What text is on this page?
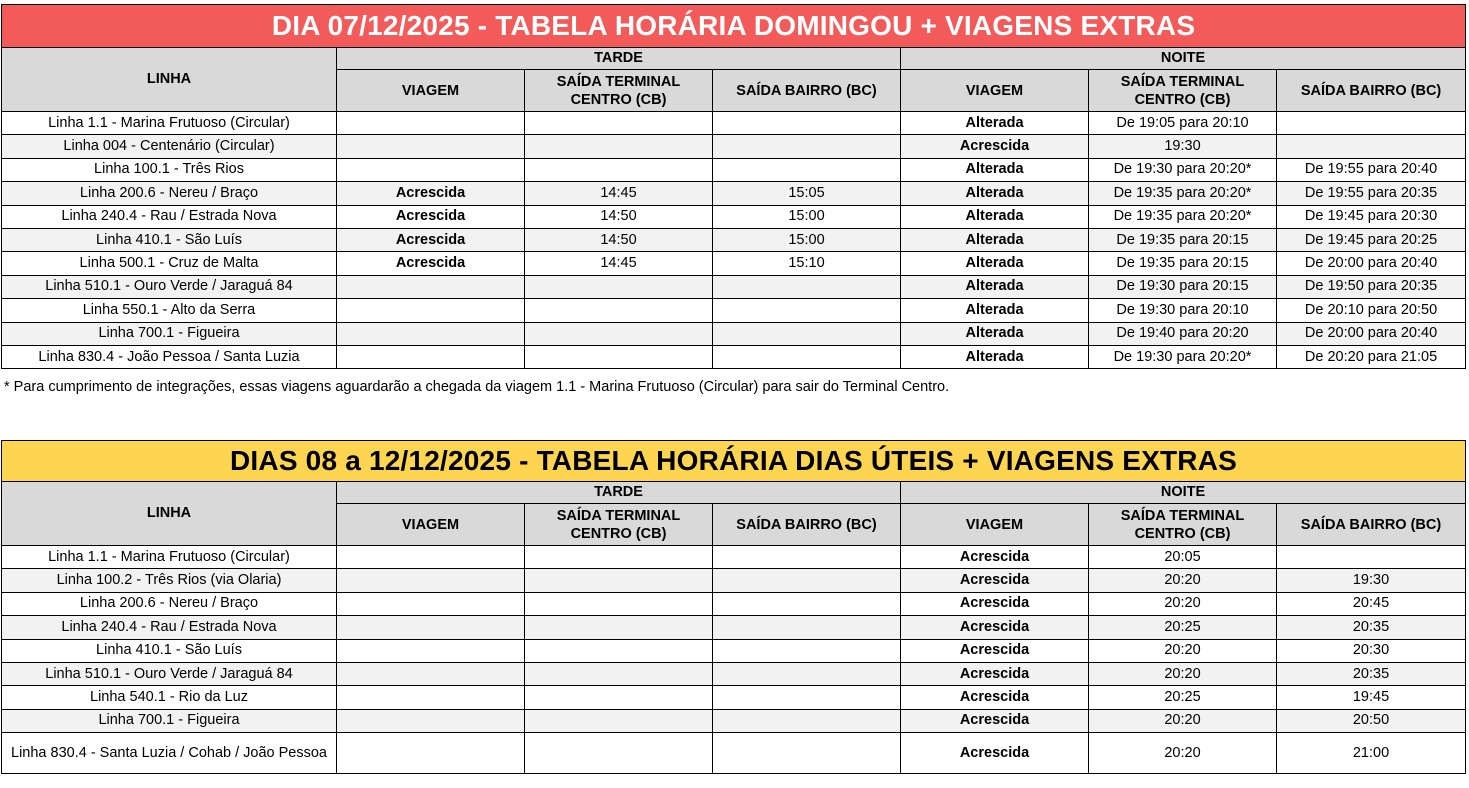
DIA 07/12/2025 - TABELA HORÁRIA DOMINGOU + VIAGENS EXTRAS						
LINHA	TARDE			NOITE		
	VIAGEM	SAÍDA TERMINAL CENTRO (CB)	SAÍDA BAIRRO (BC)	VIAGEM	SAÍDA TERMINAL CENTRO (CB)	SAÍDA BAIRRO (BC)
Linha 1.1 - Marina Frutuoso (Circular)				Alterada	De 19:05 para 20:10	
Linha 004 - Centenário (Circular)				Acrescida	19:30	
Linha 100.1 - Três Rios				Alterada	De 19:30 para 20:20*	De 19:55 para 20:40
Linha 200.6 - Nereu / Braço	Acrescida	14:45	15:05	Alterada	De 19:35 para 20:20*	De 19:55 para 20:35
Linha 240.4 - Rau / Estrada Nova	Acrescida	14:50	15:00	Alterada	De 19:35 para 20:20*	De 19:45 para 20:30
Linha 410.1 - São Luís	Acrescida	14:50	15:00	Alterada	De 19:35 para 20:15	De 19:45 para 20:25
Linha 500.1 - Cruz de Malta	Acrescida	14:45	15:10	Alterada	De 19:35 para 20:15	De 20:00 para 20:40
Linha 510.1 - Ouro Verde / Jaraguá 84				Alterada	De 19:30 para 20:15	De 19:50 para 20:35
Linha 550.1 - Alto da Serra				Alterada	De 19:30 para 20:10	De 20:10 para 20:50
Linha 700.1 - Figueira				Alterada	De 19:40 para 20:20	De 20:00 para 20:40
Linha 830.4 - João Pessoa / Santa Luzia				Alterada	De 19:30 para 20:20*	De 20:20 para 21:05
* Para cumprimento de integrações, essas viagens aguardarão a chegada da viagem 1.1 - Marina Frutuoso (Circular) para sair do Terminal Centro.
DIAS 08 a 12/12/2025 - TABELA HORÁRIA DIAS ÚTEIS + VIAGENS EXTRAS						
LINHA	TARDE			NOITE		
	VIAGEM	SAÍDA TERMINAL CENTRO (CB)	SAÍDA BAIRRO (BC)	VIAGEM	SAÍDA TERMINAL CENTRO (CB)	SAÍDA BAIRRO (BC)
Linha 1.1 - Marina Frutuoso (Circular)				Acrescida	20:05	
Linha 100.2 - Três Rios (via Olaria)				Acrescida	20:20	19:30
Linha 200.6 - Nereu / Braço				Acrescida	20:20	20:45
Linha 240.4 - Rau / Estrada Nova				Acrescida	20:25	20:35
Linha 410.1 - São Luís				Acrescida	20:20	20:30
Linha 510.1 - Ouro Verde / Jaraguá 84				Acrescida	20:20	20:35
Linha 540.1 - Rio da Luz				Acrescida	20:25	19:45
Linha 700.1 - Figueira				Acrescida	20:20	20:50
Linha 830.4 - Santa Luzia / Cohab / João Pessoa				Acrescida	20:20	21:00
